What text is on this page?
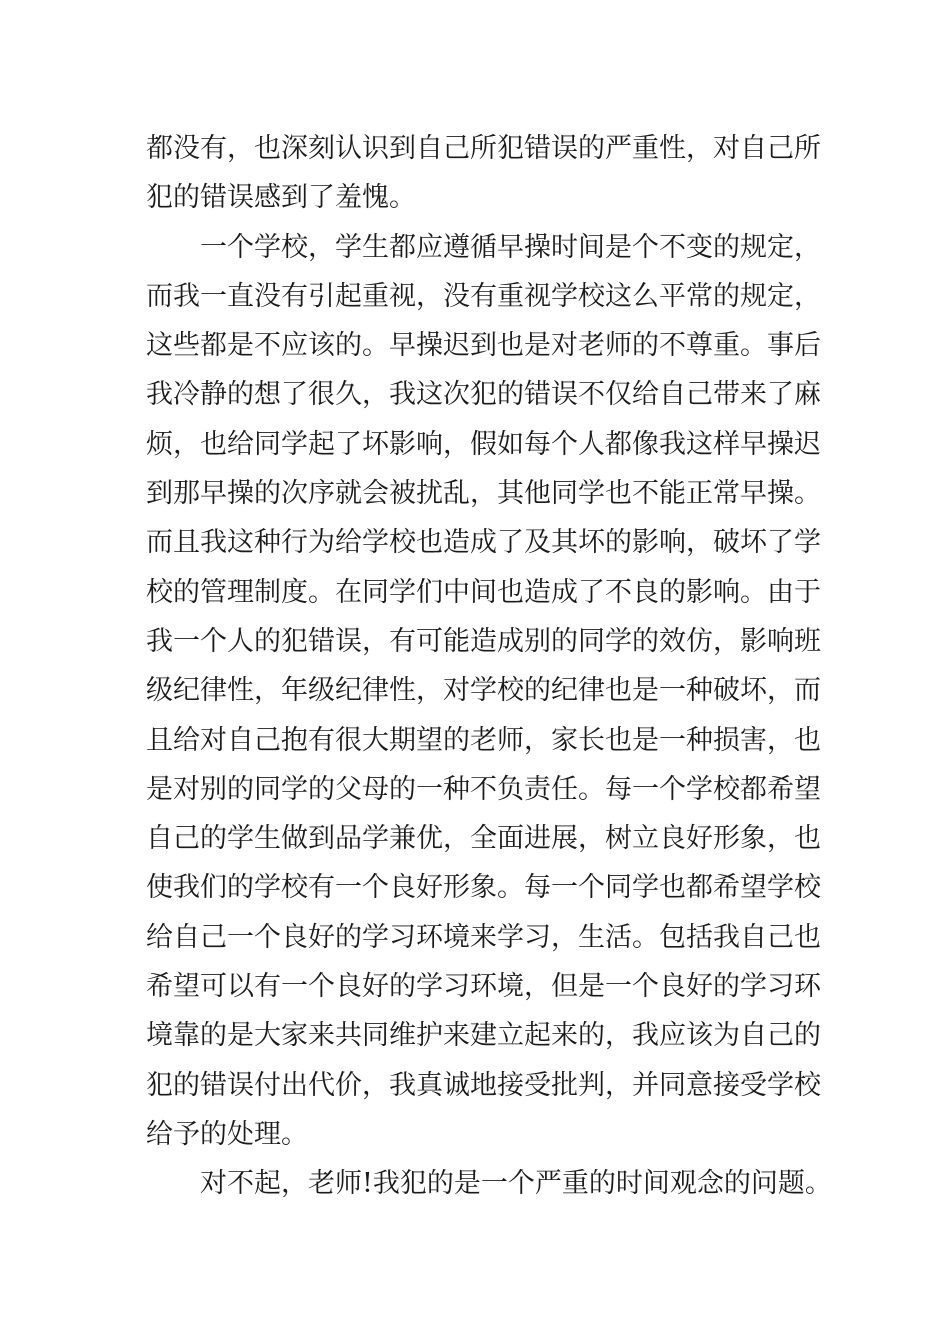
都没有，也深刻认识到自己所犯错误的严重性，对自己所
犯的错误感到了羞愧。
一个学校，学生都应遵循早操时间是个不变的规定，
而我一直没有引起重视，没有重视学校这么平常的规定，
这些都是不应该的。早操迟到也是对老师的不尊重。事后
我冷静的想了很久，我这次犯的错误不仅给自己带来了麻
烦，也给同学起了坏影响，假如每个人都像我这样早操迟
到那早操的次序就会被扰乱，其他同学也不能正常早操。
而且我这种行为给学校也造成了及其坏的影响，破坏了学
校的管理制度。在同学们中间也造成了不良的影响。由于
我一个人的犯错误，有可能造成别的同学的效仿，影响班
级纪律性，年级纪律性，对学校的纪律也是一种破坏，而
且给对自己抱有很大期望的老师，家长也是一种损害，也
是对别的同学的父母的一种不负责任。每一个学校都希望
自己的学生做到品学兼优，全面进展，树立良好形象，也
使我们的学校有一个良好形象。每一个同学也都希望学校
给自己一个良好的学习环境来学习，生活。包括我自己也
希望可以有一个良好的学习环境，但是一个良好的学习环
境靠的是大家来共同维护来建立起来的，我应该为自己的
犯的错误付出代价，我真诚地接受批判，并同意接受学校
给予的处理。
对不起，老师!我犯的是一个严重的时间观念的问题。
